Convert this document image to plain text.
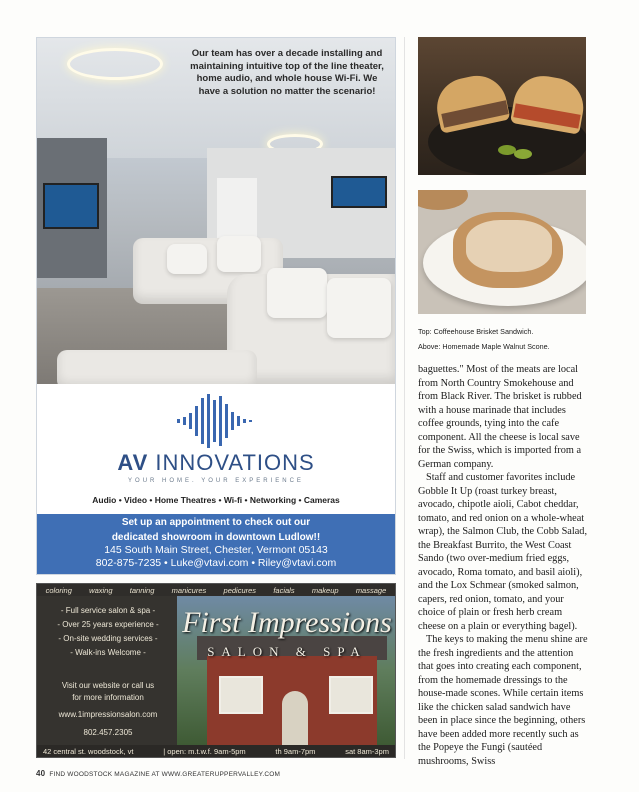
Our team has over a decade installing and maintaining intuitive top of the line theater, home audio, and whole house Wi-Fi. We have a solution no matter the scenario!
AV INNOVATIONS
YOUR HOME. YOUR EXPERIENCE
Audio • Video • Home Theatres • Wi-fi • Networking • Cameras
Set up an appointment to check out our
dedicated showroom in downtown Ludlow!!
145 South Main Street, Chester, Vermont 05143
802-875-7235 • Luke@vtavi.com • Riley@vtavi.com
coloring waxing tanning manicures pedicures facials makeup massage
First Impressions
SALON & SPA
- Full service salon & spa -
- Over 25 years experience -
- On-site wedding services -
- Walk-ins Welcome -
Visit our website or call us
for more information
www.1impressionsalon.com
802.457.2305
42 central st. woodstock, vt	| open: m.t.w.f. 9am-5pm	th 9am-7pm	sat 8am-3pm
Top: Coffeehouse Brisket Sandwich.
Above: Homemade Maple Walnut Scone.

baguettes." Most of the meats are local from North Country Smokehouse and from Black River. The brisket is rubbed with a house marinade that includes coffee grounds, tying into the cafe component. All the cheese is local save for the Swiss, which is imported from a German company.

Staff and customer favorites include Gobble It Up (roast turkey breast, avocado, chipotle aioli, Cabot cheddar, tomato, and red onion on a whole-wheat wrap), the Salmon Club, the Cobb Salad, the Breakfast Burrito, the West Coast Sando (two over-medium fried eggs, avocado, Roma tomato, and basil aioli), and the Lox Schmear (smoked salmon, capers, red onion, tomato, and your choice of plain or fresh herb cream cheese on a plain or everything bagel).

The keys to making the menu shine are the fresh ingredients and the attention that goes into creating each component, from the homemade dressings to the house-made scones. While certain items like the chicken salad sandwich have been in place since the beginning, others have been added more recently such as the Popeye the Fungi (sautéed mushrooms, Swiss

40 FIND WOODSTOCK MAGAZINE AT WWW.GREATERUPPERVALLEY.COM
